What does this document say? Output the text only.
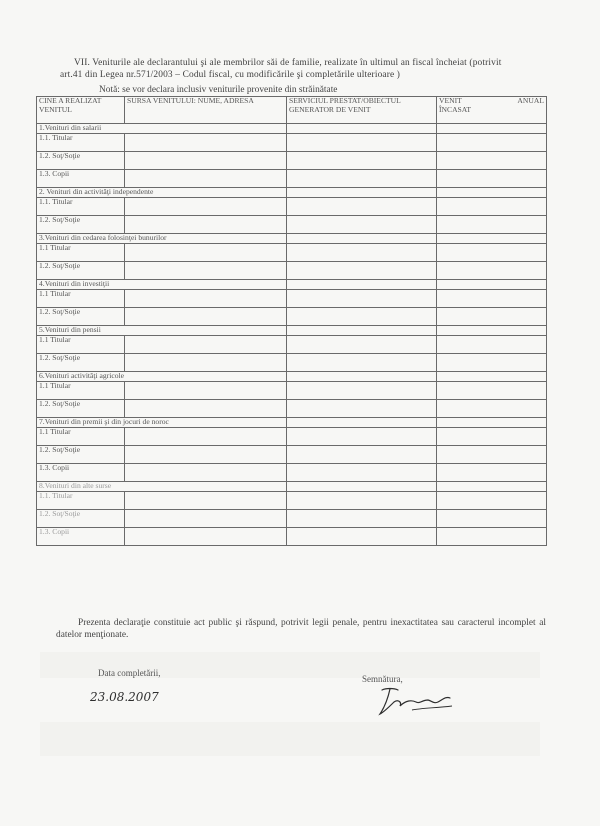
VII. Veniturile ale declarantului şi ale membrilor săi de familie, realizate în ultimul an fiscal încheiat (potrivit

art.41 din Legea nr.571/2003 – Codul fiscal, cu modificările şi completările ulterioare )

Notă: se vor declara inclusiv veniturile provenite din străinătate
CINE A REALIZAT VENITUL	SURSA VENITULUI: NUME, ADRESA	SERVICIUL PRESTAT/OBIECTUL GENERATOR DE VENIT	VENIT ANUAL
ÎNCASAT

1.Venituri din salarii			
1.1. Titular			
1.2. Soţ/Soţie			
1.3. Copii			
2. Venituri din activităţi independente			
1.1. Titular			
1.2. Soţ/Soţie			
3.Venituri din cedarea folosinţei bunurilor			
1.1 Titular			
1.2. Soţ/Soţie			
4.Venituri din investiţii			
1.1 Titular			
1.2. Soţ/Soţie			
5.Venituri din pensii			
1.1 Titular			
1.2. Soţ/Soţie			
6.Venituri activităţi agricole			
1.1 Titular			
1.2. Soţ/Soţie			
7.Venituri din premii şi din jocuri de noroc			
1.1 Titular			
1.2. Soţ/Soţie			
1.3. Copii			
8.Venituri din alte surse			
1.1. Titular			
1.2. Soţ/Soţie			
1.3. Copii			

Prezenta declaraţie constituie act public şi răspund, potrivit legii penale, pentru inexactitatea sau caracterul incomplet al datelor menţionate.

Data completării,
Semnătura,
23.08.2007
